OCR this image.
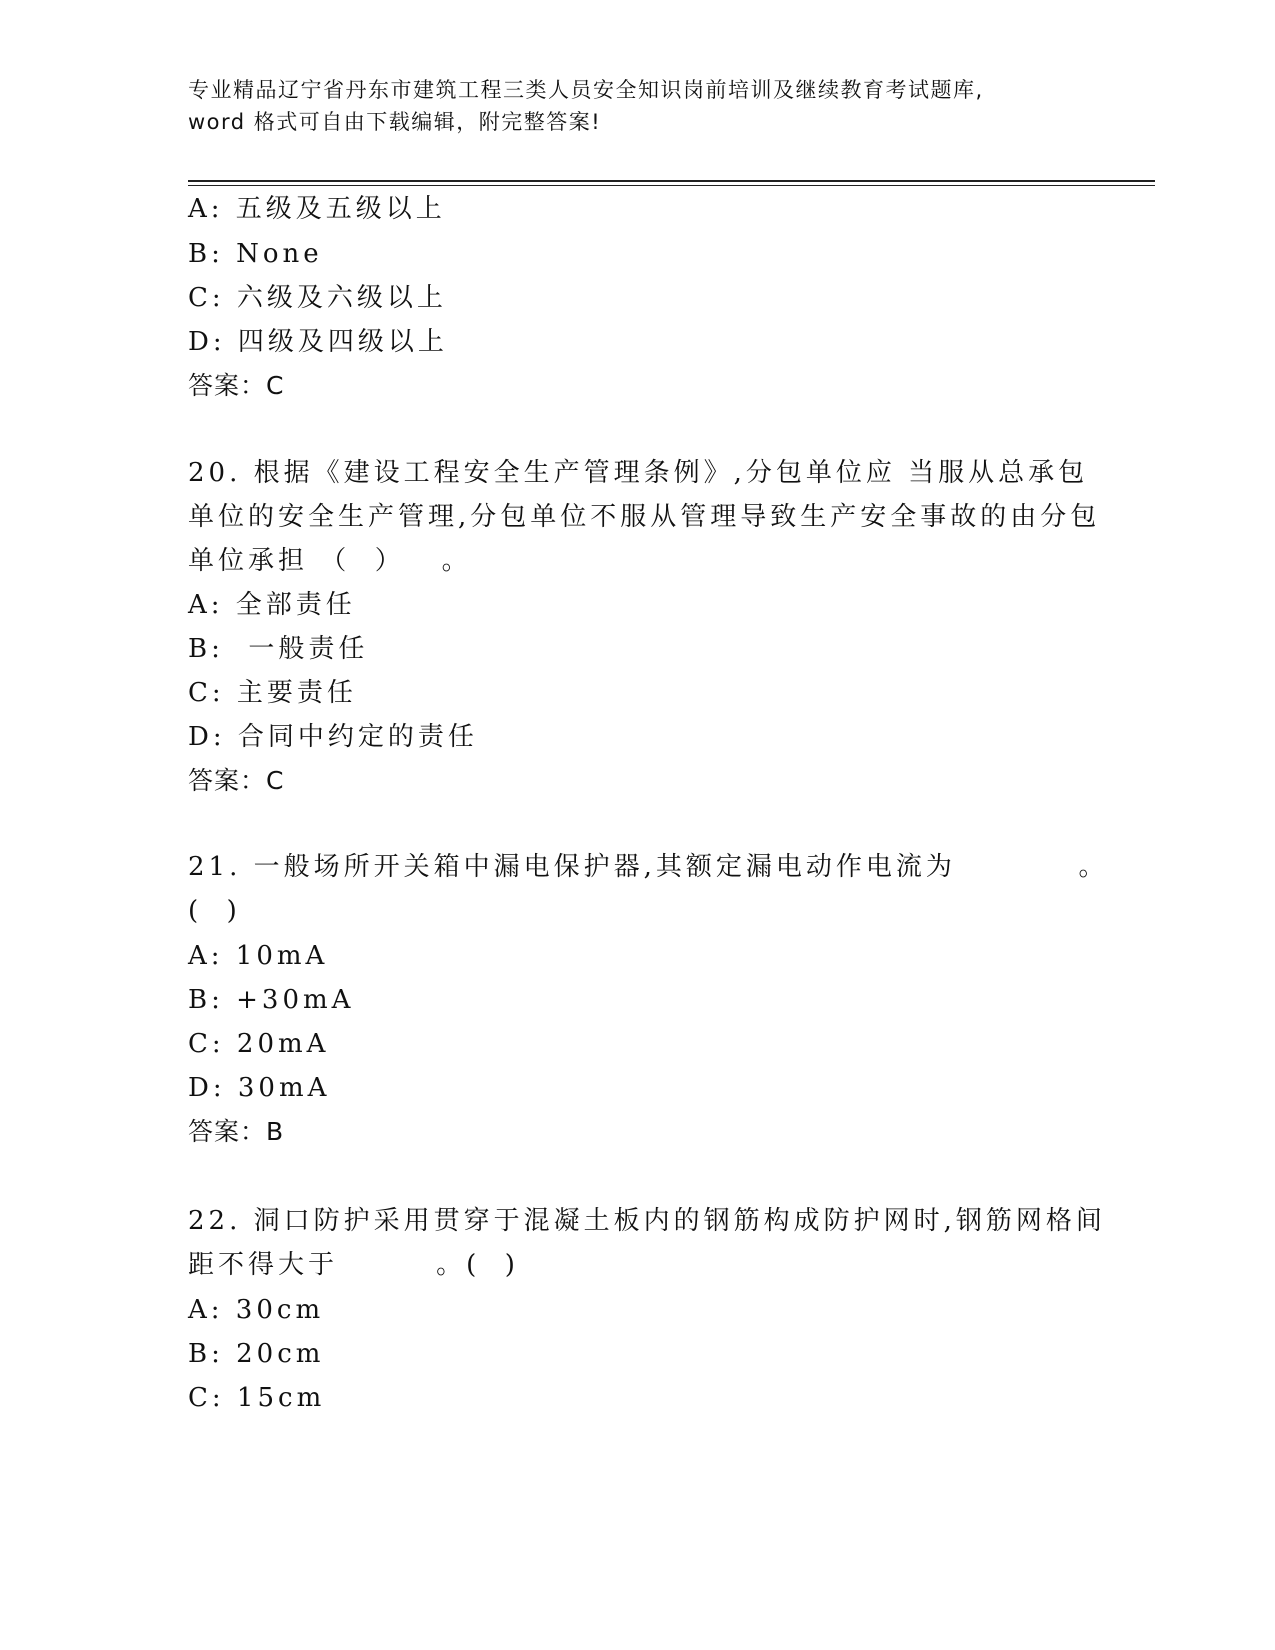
专业精品辽宁省丹东市建筑工程三类人员安全知识岗前培训及继续教育考试题库,
word 格式可自由下载编辑，附完整答案!
A: 五级及五级以上
B: None
C: 六级及六级以上
D: 四级及四级以上
答案：C
20. 根据《建设工程安全生产管理条例》,分包单位应 当服从总承包
单位的安全生产管理,分包单位不服从管理导致生产安全事故的由分包
单位承担 （  ）   。
A: 全部责任
B:  一般责任
C: 主要责任
D: 合同中约定的责任
答案：C
21. 一般场所开关箱中漏电保护器,其额定漏电动作电流为          。
(  )
A: 10mA
B: +30mA
C: 20mA
D: 30mA
答案：B
22. 洞口防护采用贯穿于混凝土板内的钢筋构成防护网时,钢筋网格间
距不得大于        。(  )
A: 30cm
B: 20cm
C: 15cm
